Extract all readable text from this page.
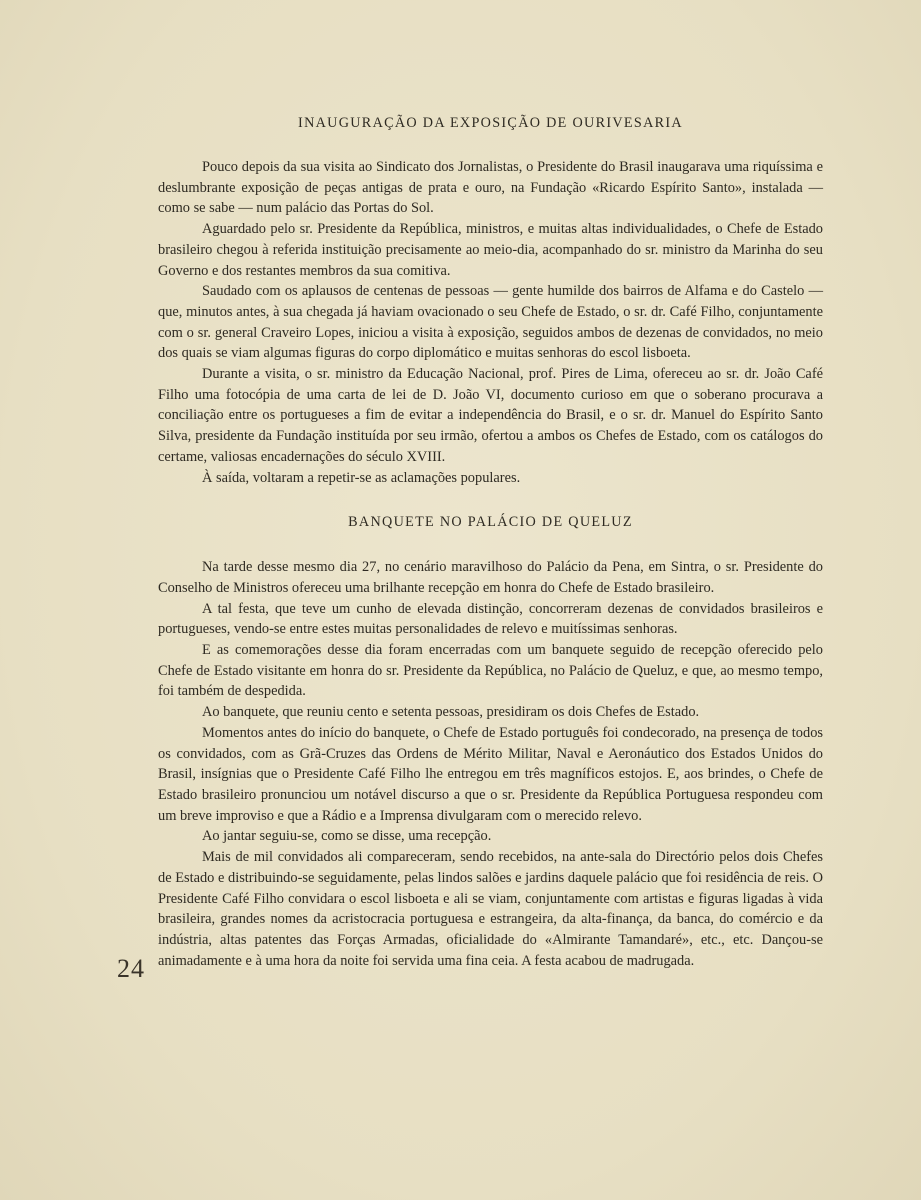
INAUGURAÇÃO DA EXPOSIÇÃO DE OURIVESARIA

Pouco depois da sua visita ao Sindicato dos Jornalistas, o Presidente do Brasil inaugarava uma riquíssima e deslumbrante exposição de peças antigas de prata e ouro, na Fundação «Ricardo Espírito Santo», instalada — como se sabe — num palácio das Portas do Sol.

Aguardado pelo sr. Presidente da República, ministros, e muitas altas individualidades, o Chefe de Estado brasileiro chegou à referida instituição precisamente ao meio-dia, acompanhado do sr. ministro da Marinha do seu Governo e dos restantes membros da sua comitiva.

Saudado com os aplausos de centenas de pessoas — gente humilde dos bairros de Alfama e do Castelo — que, minutos antes, à sua chegada já haviam ovacionado o seu Chefe de Estado, o sr. dr. Café Filho, conjuntamente com o sr. general Craveiro Lopes, iniciou a visita à exposição, seguidos ambos de dezenas de convidados, no meio dos quais se viam algumas figuras do corpo diplomático e muitas senhoras do escol lisboeta.

Durante a visita, o sr. ministro da Educação Nacional, prof. Pires de Lima, ofereceu ao sr. dr. João Café Filho uma fotocópia de uma carta de lei de D. João VI, documento curioso em que o soberano procurava a conciliação entre os portugueses a fim de evitar a independência do Brasil, e o sr. dr. Manuel do Espírito Santo Silva, presidente da Fundação instituída por seu irmão, ofertou a ambos os Chefes de Estado, com os catálogos do certame, valiosas encadernações do século XVIII.

À saída, voltaram a repetir-se as aclamações populares.

BANQUETE NO PALÁCIO DE QUELUZ

Na tarde desse mesmo dia 27, no cenário maravilhoso do Palácio da Pena, em Sintra, o sr. Presidente do Conselho de Ministros ofereceu uma brilhante recepção em honra do Chefe de Estado brasileiro.

A tal festa, que teve um cunho de elevada distinção, concorreram dezenas de convidados brasileiros e portugueses, vendo-se entre estes muitas personalidades de relevo e muitíssimas senhoras.

E as comemorações desse dia foram encerradas com um banquete seguido de recepção oferecido pelo Chefe de Estado visitante em honra do sr. Presidente da República, no Palácio de Queluz, e que, ao mesmo tempo, foi também de despedida.

Ao banquete, que reuniu cento e setenta pessoas, presidiram os dois Chefes de Estado.

Momentos antes do início do banquete, o Chefe de Estado português foi condecorado, na presença de todos os convidados, com as Grã-Cruzes das Ordens de Mérito Militar, Naval e Aeronáutico dos Estados Unidos do Brasil, insígnias que o Presidente Café Filho lhe entregou em três magníficos estojos. E, aos brindes, o Chefe de Estado brasileiro pronunciou um notável discurso a que o sr. Presidente da República Portuguesa respondeu com um breve improviso e que a Rádio e a Imprensa divulgaram com o merecido relevo.

Ao jantar seguiu-se, como se disse, uma recepção.

Mais de mil convidados ali compareceram, sendo recebidos, na ante-sala do Directório pelos dois Chefes de Estado e distribuindo-se seguidamente, pelas lindos salões e jardins daquele palácio que foi residência de reis. O Presidente Café Filho convidara o escol lisboeta e ali se viam, conjuntamente com artistas e figuras ligadas à vida brasileira, grandes nomes da acristocracia portuguesa e estrangeira, da alta-finança, da banca, do comércio e da indústria, altas patentes das Forças Armadas, oficialidade do «Almirante Tamandaré», etc., etc. Dançou-se animadamente e à uma hora da noite foi servida uma fina ceia. A festa acabou de madrugada.

24
